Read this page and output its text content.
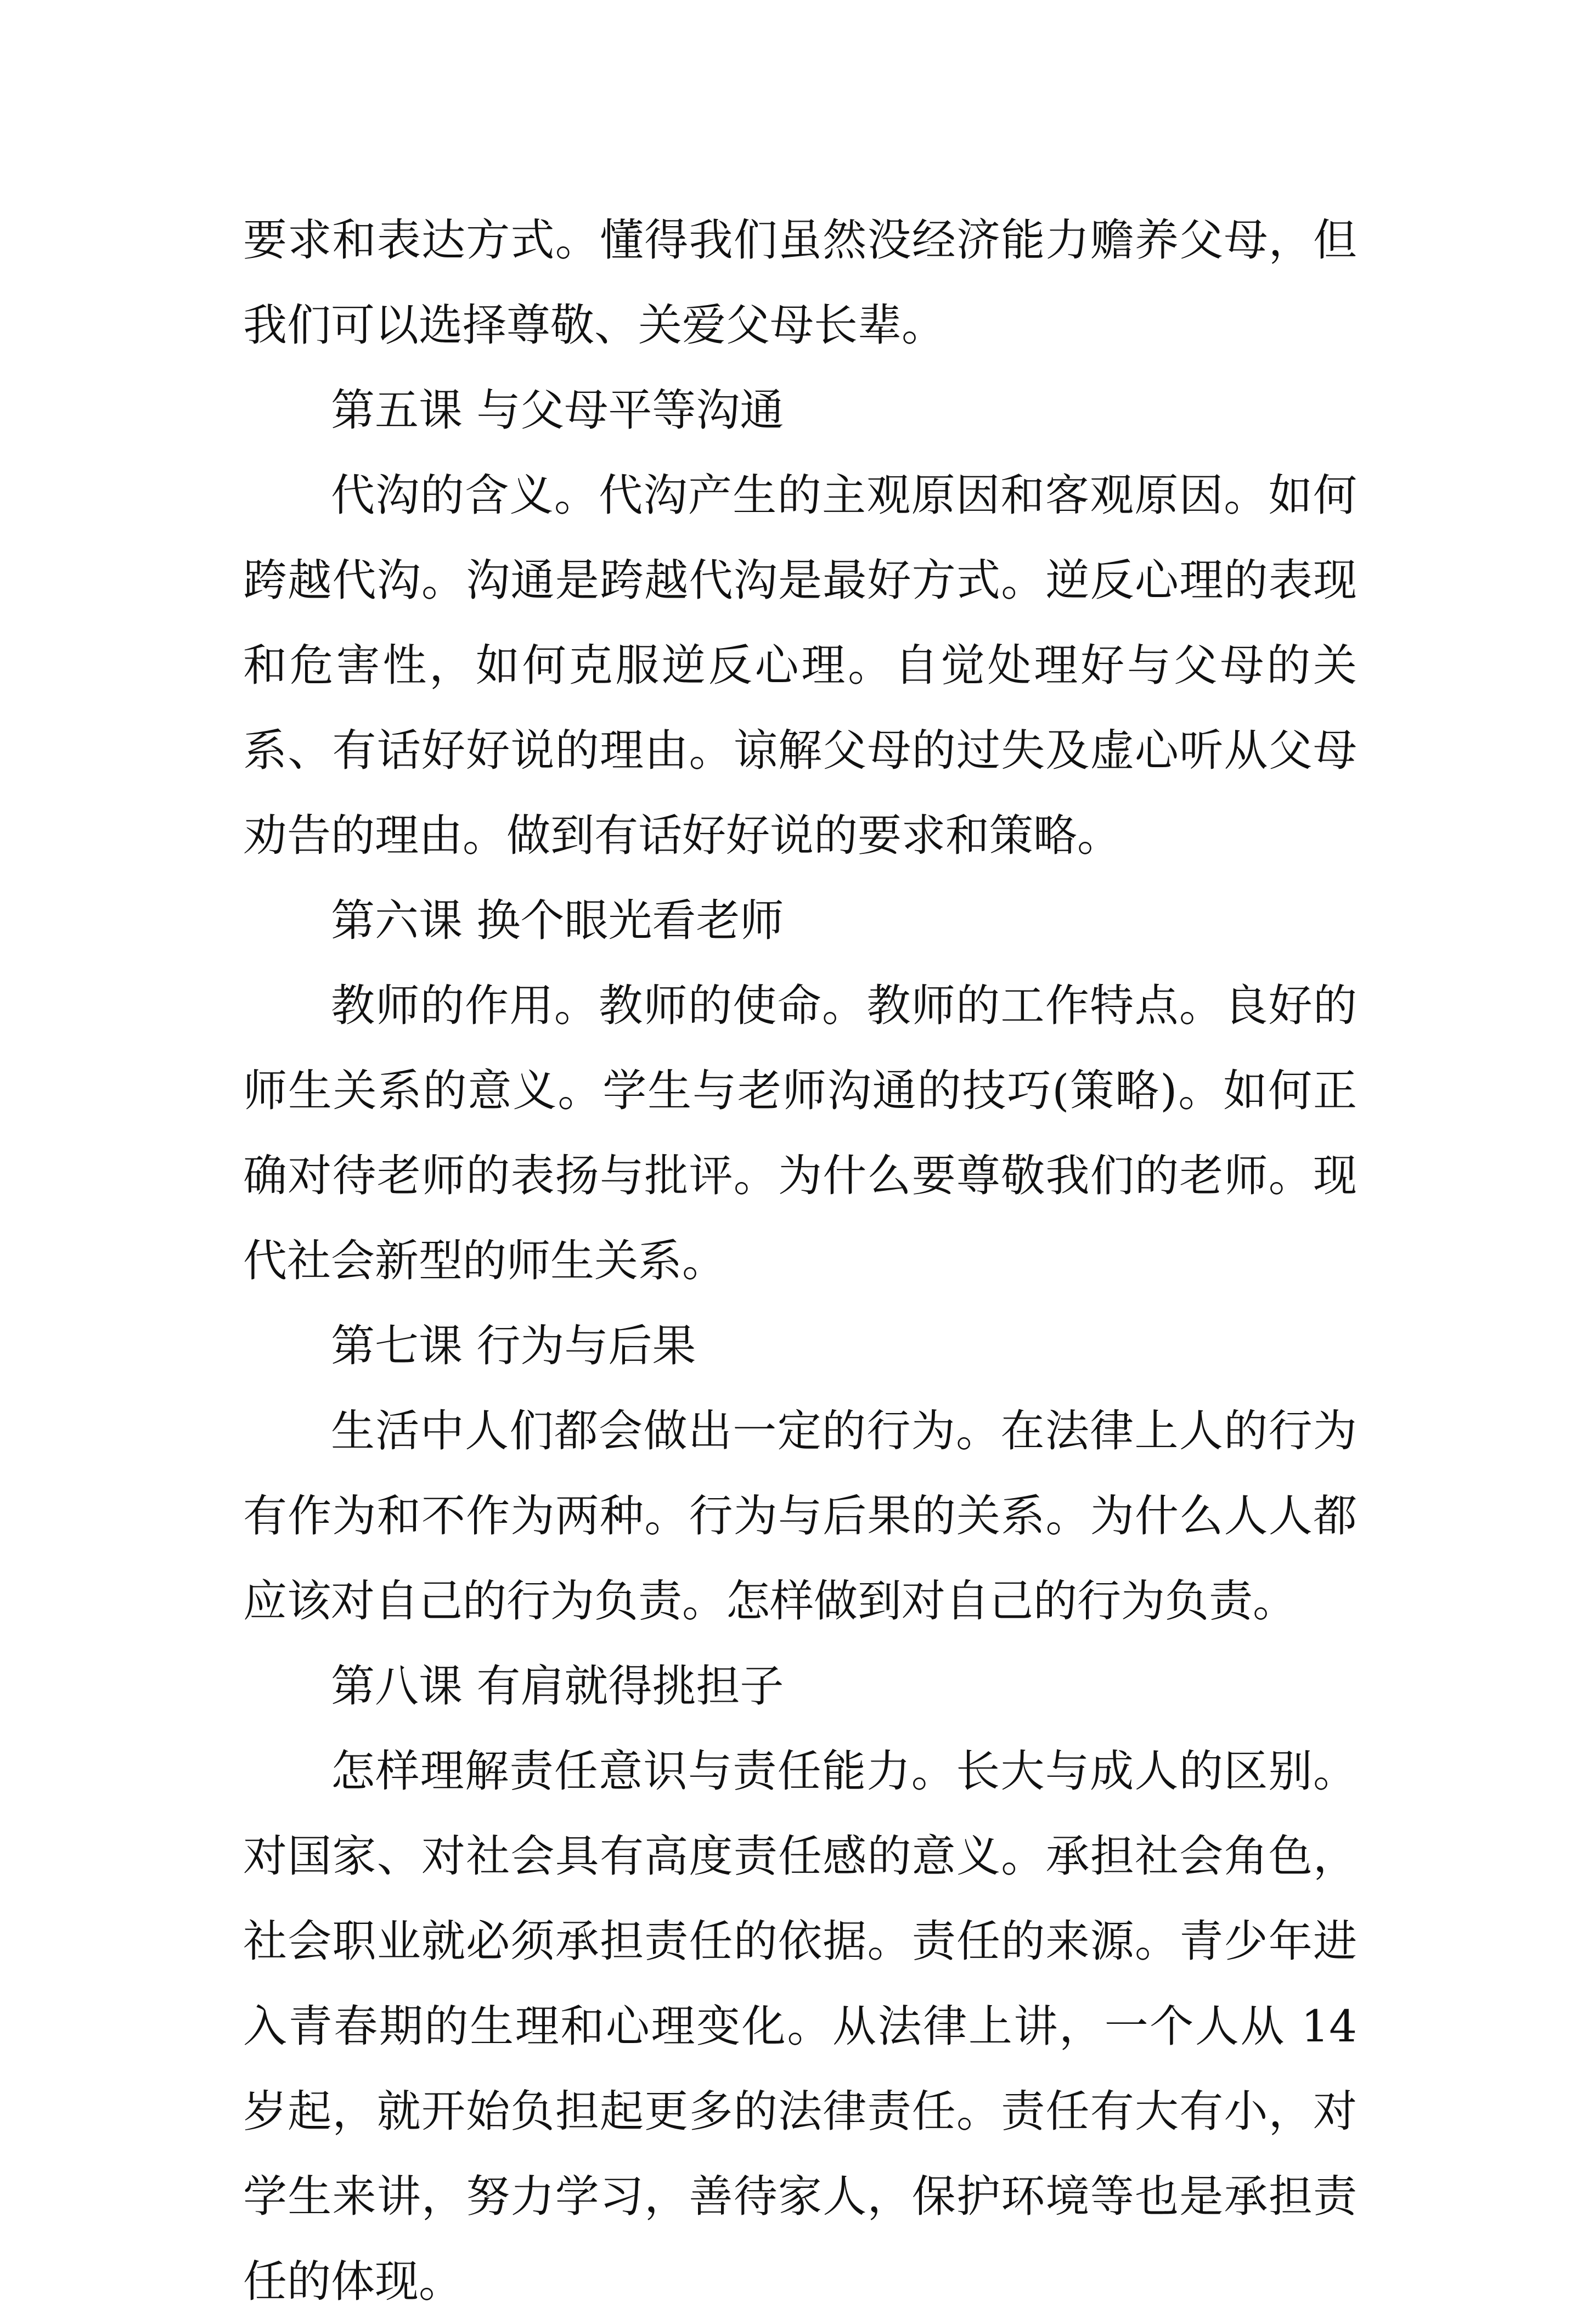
要求和表达方式。懂得我们虽然没经济能力赡养父母，但我们可以选择尊敬、关爱父母长辈。

第五课 与父母平等沟通

代沟的含义。代沟产生的主观原因和客观原因。如何跨越代沟。沟通是跨越代沟是最好方式。逆反心理的表现和危害性，如何克服逆反心理。自觉处理好与父母的关系、有话好好说的理由。谅解父母的过失及虚心听从父母劝告的理由。做到有话好好说的要求和策略。

第六课 换个眼光看老师

教师的作用。教师的使命。教师的工作特点。良好的师生关系的意义。学生与老师沟通的技巧(策略)。如何正确对待老师的表扬与批评。为什么要尊敬我们的老师。现代社会新型的师生关系。

第七课 行为与后果

生活中人们都会做出一定的行为。在法律上人的行为有作为和不作为两种。行为与后果的关系。为什么人人都应该对自己的行为负责。怎样做到对自己的行为负责。

第八课 有肩就得挑担子

怎样理解责任意识与责任能力。长大与成人的区别。对国家、对社会具有高度责任感的意义。承担社会角色，社会职业就必须承担责任的依据。责任的来源。青少年进入青春期的生理和心理变化。从法律上讲，一个人从 14 岁起，就开始负担起更多的法律责任。责任有大有小，对学生来讲，努力学习，善待家人，保护环境等也是承担责任的体现。
